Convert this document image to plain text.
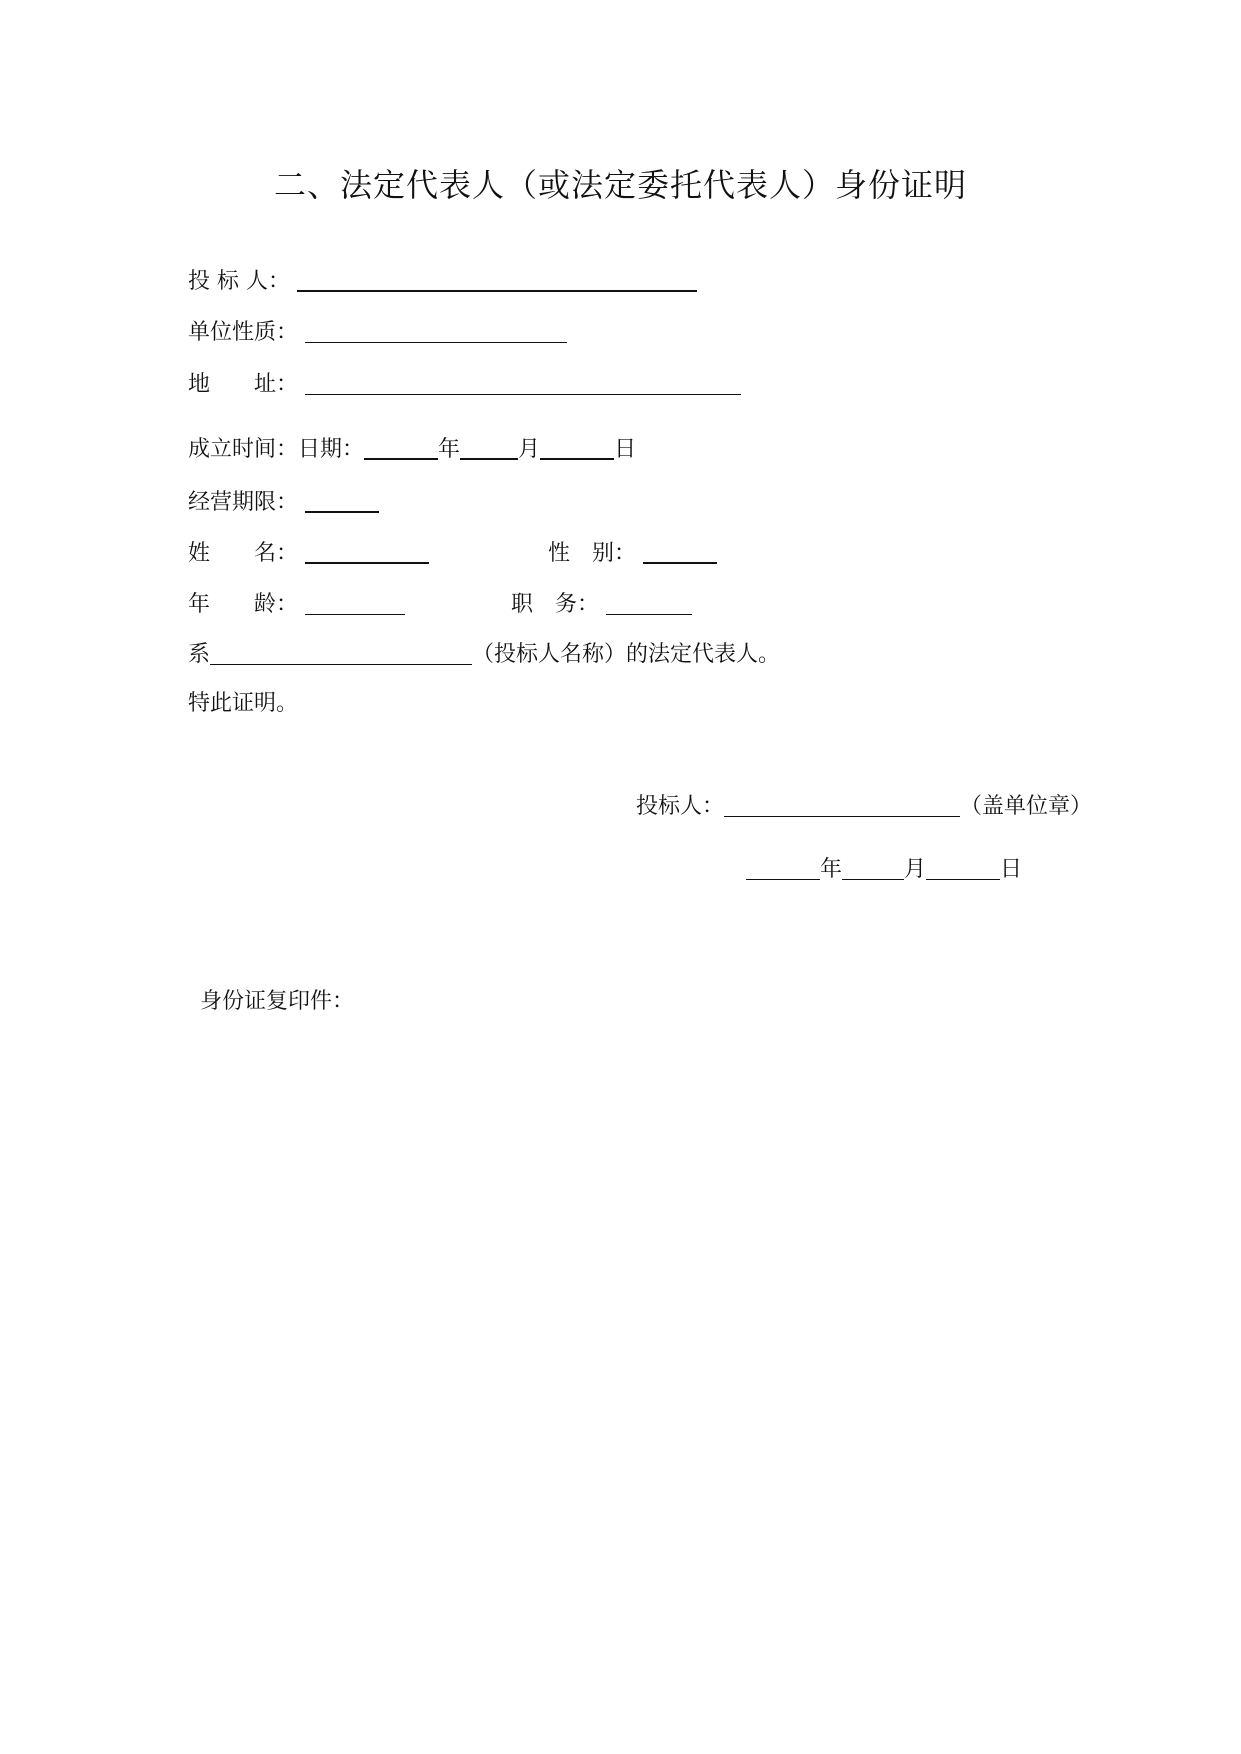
二、法定代表人（或法定委托代表人）身份证明
投 标 人：
单位性质：
地　　址：
成立时间：日期：	年	月	日
经营期限：
姓　　名：	性　别：
年　　龄：	职　务：
系	（投标人名称）的法定代表人。
特此证明。
投标人：	（盖单位章）
年	月	日
身份证复印件：
